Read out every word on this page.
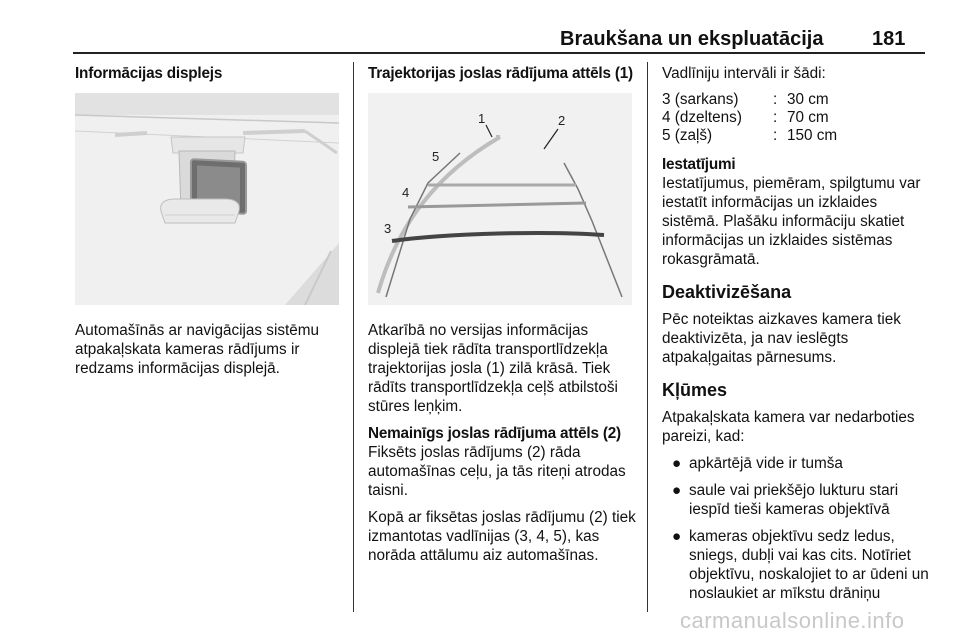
Braukšana un ekspluatācija 181

Informācijas displejs

Automašīnās ar navigācijas sistēmu atpakaļskata kameras rādījums ir redzams informācijas displejā.

Trajektorijas joslas rādījuma attēls (1)

1	2
3
4
5

Atkarībā no versijas informācijas displejā tiek rādīta transportlīdzekļa trajektorijas josla (1) zilā krāsā. Tiek rādīts transportlīdzekļa ceļš atbilstoši stūres leņķim.

Nemainīgs joslas rādījuma attēls (2)

Fiksēts joslas rādījums (2) rāda automašīnas ceļu, ja tās riteņi atrodas taisni.

Kopā ar fiksētas joslas rādījumu (2) tiek izmantotas vadlīnijas (3, 4, 5), kas norāda attālumu aiz automašīnas.

Vadlīniju intervāli ir šādi:

3 (sarkans)	:	30 cm
4 (dzeltens)	:	70 cm
5 (zaļš)	:	150 cm

Iestatījumi

Iestatījumus, piemēram, spilgtumu var iestatīt informācijas un izklaides sistēmā. Plašāku informāciju skatiet informācijas un izklaides sistēmas rokasgrāmatā.

Deaktivizēšana

Pēc noteiktas aizkaves kamera tiek deaktivizēta, ja nav ieslēgts atpakaļgaitas pārnesums.

Kļūmes

Atpakaļskata kamera var nedarboties pareizi, kad:

● apkārtējā vide ir tumša
● saule vai priekšējo lukturu stari iespīd tieši kameras objektīvā
● kameras objektīvu sedz ledus, sniegs, dubļi vai kas cits. Notīriet objektīvu, noskalojiet to ar ūdeni un noslaukiet ar mīkstu drāniņu
carmanualsonline.info
